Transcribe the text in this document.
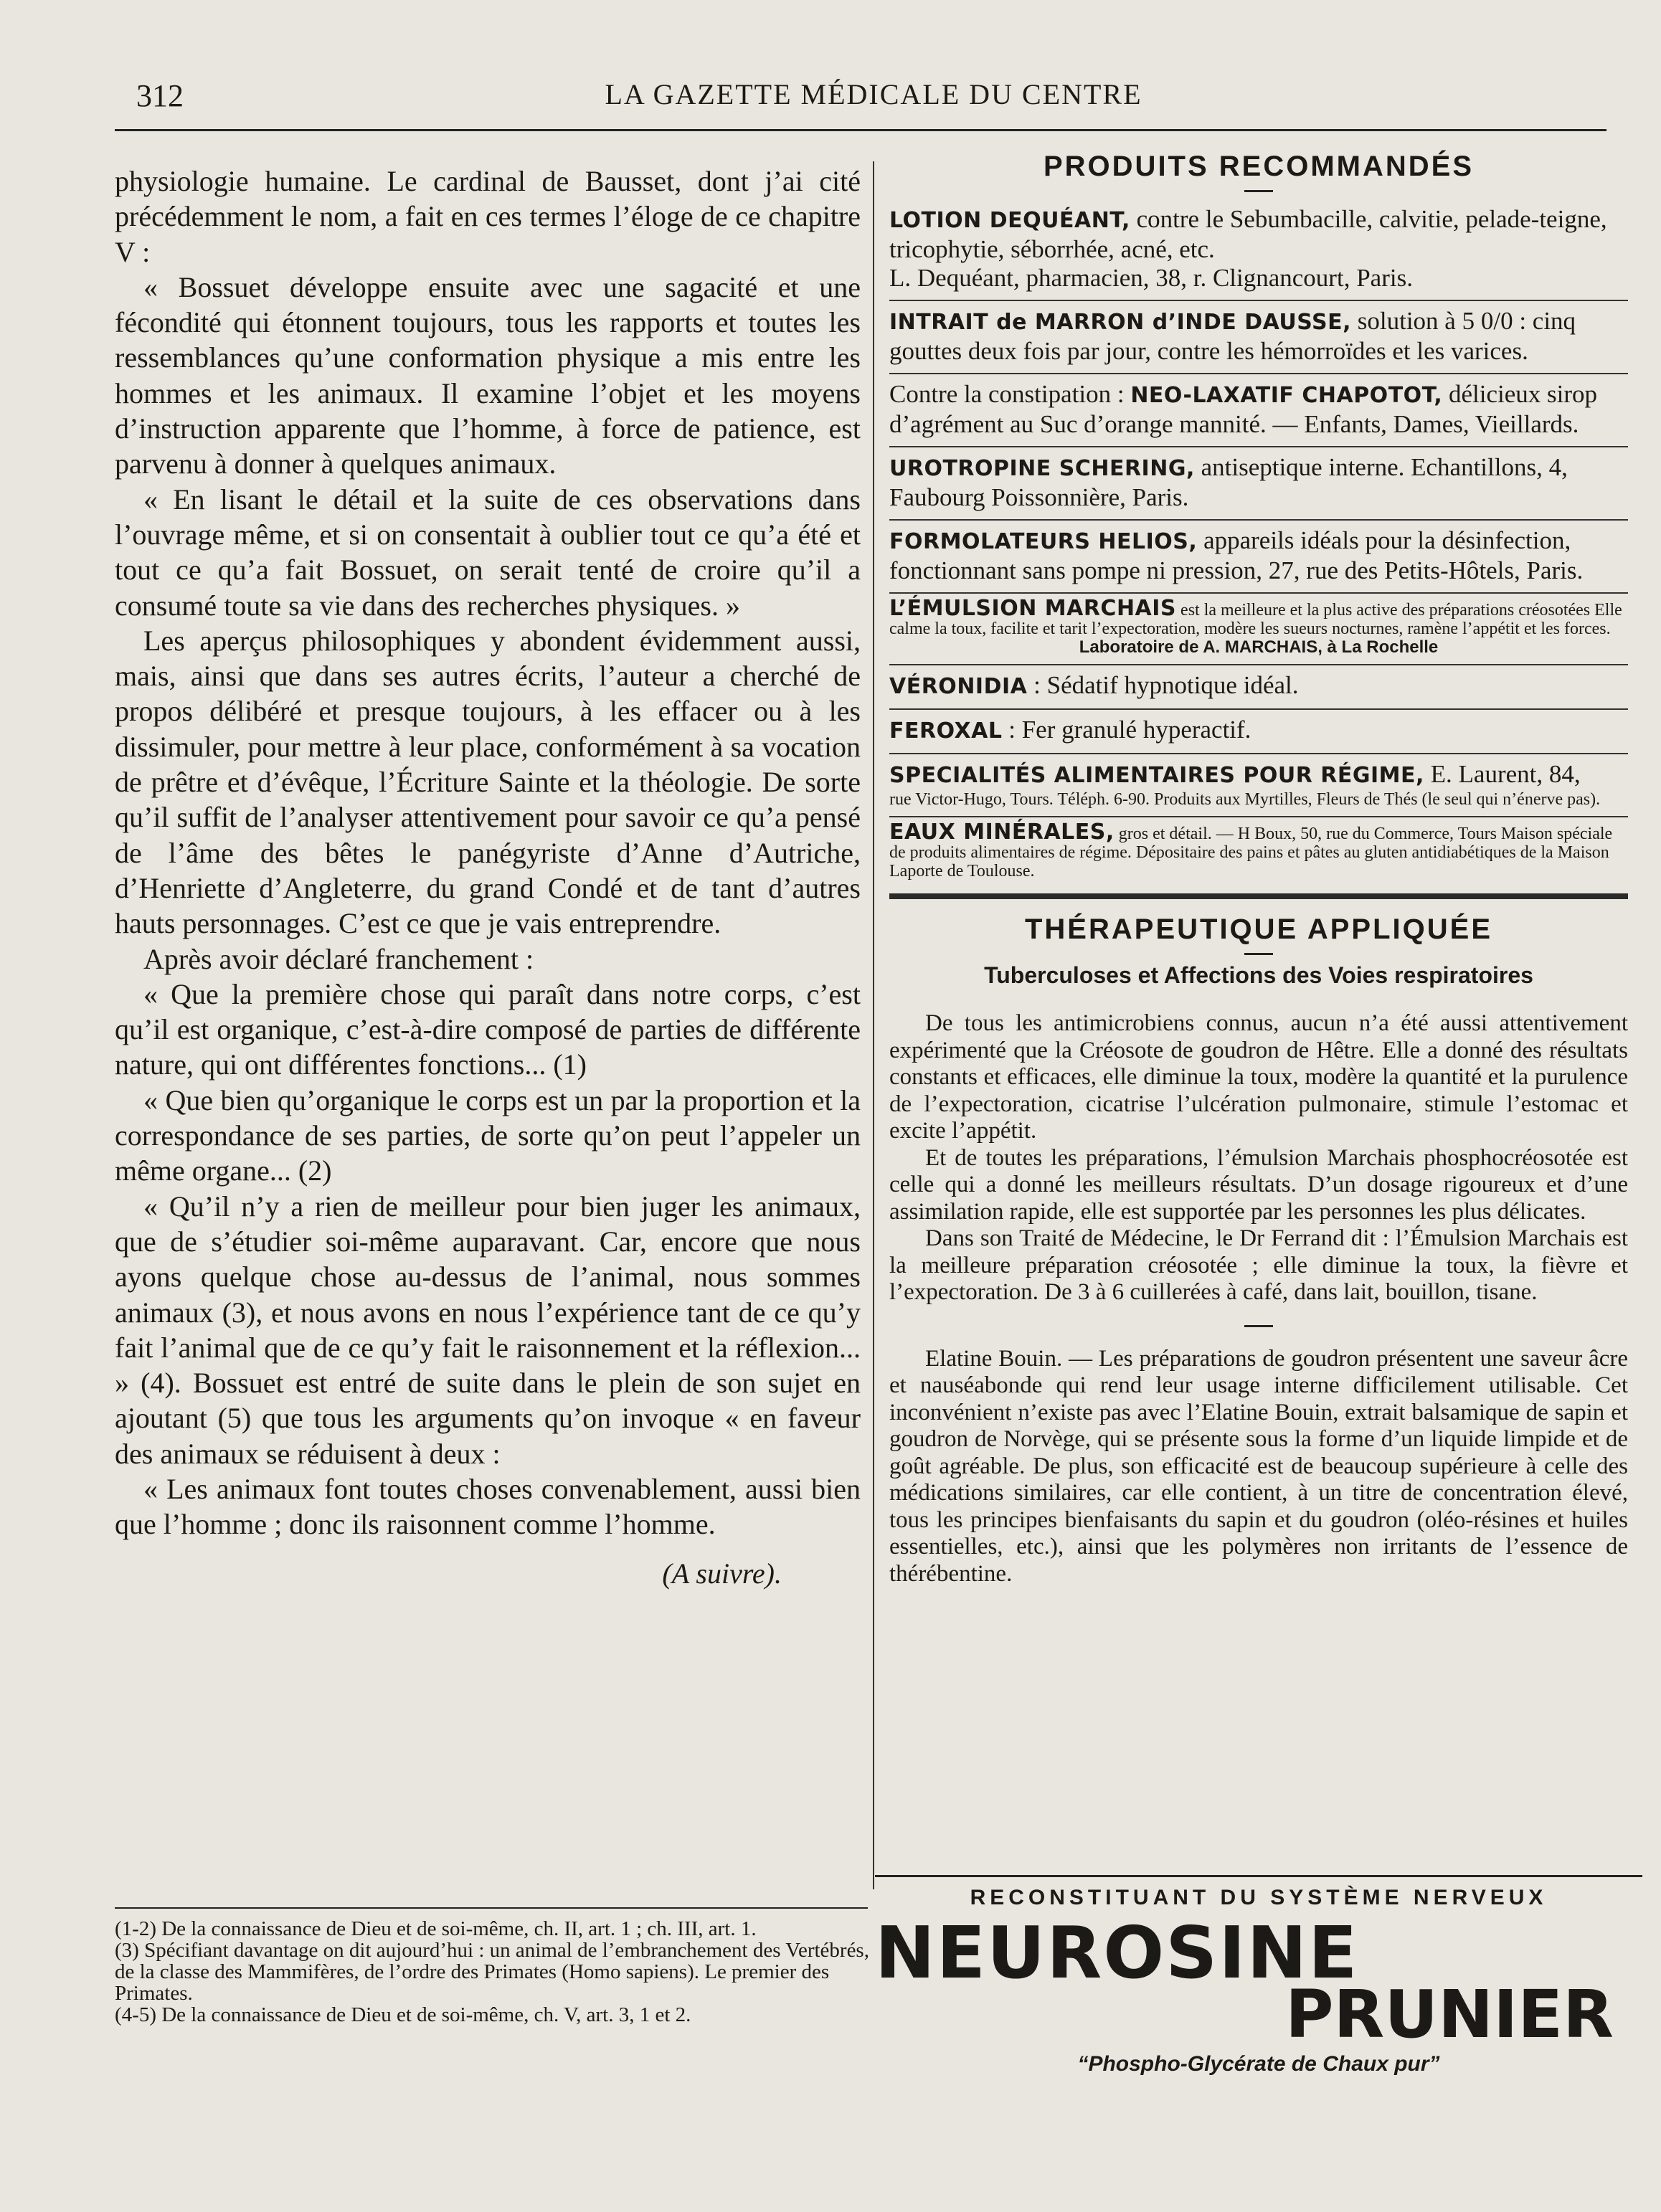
312	LA GAZETTE MÉDICALE DU CENTRE

physiologie humaine. Le cardinal de Bausset, dont j’ai cité précédemment le nom, a fait en ces termes l’éloge de ce chapitre V :

« Bossuet développe ensuite avec une sagacité et une fécondité qui étonnent toujours, tous les rapports et toutes les ressemblances qu’une conformation physique a mis entre les hommes et les animaux. Il examine l’objet et les moyens d’instruction apparente que l’homme, à force de patience, est parvenu à donner à quelques animaux.

« En lisant le détail et la suite de ces observations dans l’ouvrage même, et si on consentait à oublier tout ce qu’a été et tout ce qu’a fait Bossuet, on serait tenté de croire qu’il a consumé toute sa vie dans des recherches physiques. »

Les aperçus philosophiques y abondent évidemment aussi, mais, ainsi que dans ses autres écrits, l’auteur a cherché de propos délibéré et presque toujours, à les effacer ou à les dissimuler, pour mettre à leur place, conformément à sa vocation de prêtre et d’évêque, l’Écriture Sainte et la théologie. De sorte qu’il suffit de l’analyser attentivement pour savoir ce qu’a pensé de l’âme des bêtes le panégyriste d’Anne d’Autriche, d’Henriette d’Angleterre, du grand Condé et de tant d’autres hauts personnages. C’est ce que je vais entreprendre.

Après avoir déclaré franchement :

« Que la première chose qui paraît dans notre corps, c’est qu’il est organique, c’est-à-dire composé de parties de différente nature, qui ont différentes fonctions... (1)

« Que bien qu’organique le corps est un par la proportion et la correspondance de ses parties, de sorte qu’on peut l’appeler un même organe... (2)

« Qu’il n’y a rien de meilleur pour bien juger les animaux, que de s’étudier soi-même auparavant. Car, encore que nous ayons quelque chose au-dessus de l’animal, nous sommes animaux (3), et nous avons en nous l’expérience tant de ce qu’y fait l’animal que de ce qu’y fait le raisonnement et la réflexion... » (4). Bossuet est entré de suite dans le plein de son sujet en ajoutant (5) que tous les arguments qu’on invoque « en faveur des animaux se réduisent à deux :

« Les animaux font toutes choses convenablement, aussi bien que l’homme ; donc ils raisonnent comme l’homme.

(A suivre).
(1-2) De la connaissance de Dieu et de soi-même, ch. II, art. 1 ; ch. III, art. 1.
(3) Spécifiant davantage on dit aujourd’hui : un animal de l’embranchement des Vertébrés, de la classe des Mammifères, de l’ordre des Primates (Homo sapiens). Le premier des Primates.
(4-5) De la connaissance de Dieu et de soi-même, ch. V, art. 3, 1 et 2.
PRODUITS RECOMMANDÉS
LOTION DEQUÉANT, contre le Sebumbacille, calvitie, pelade-teigne, tricophytie, séborrhée, acné, etc.
L. Dequéant, pharmacien, 38, r. Clignancourt, Paris.
INTRAIT de MARRON d’INDE DAUSSE, solution à 5 0/0 : cinq gouttes deux fois par jour, contre les hémorroïdes et les varices.
Contre la constipation : NEO-LAXATIF CHAPOTOT, délicieux sirop d’agrément au Suc d’orange mannité. — Enfants, Dames, Vieillards.
UROTROPINE SCHERING, antiseptique interne. Echantillons, 4, Faubourg Poissonnière, Paris.
FORMOLATEURS HELIOS, appareils idéals pour la désinfection, fonctionnant sans pompe ni pression, 27, rue des Petits-Hôtels, Paris.
L’ÉMULSION MARCHAIS est la meilleure et la plus active des préparations créosotées Elle calme la toux, facilite et tarit l’expectoration, modère les sueurs nocturnes, ramène l’appétit et les forces.
Laboratoire de A. MARCHAIS, à La Rochelle
VÉRONIDIA : Sédatif hypnotique idéal.
FEROXAL : Fer granulé hyperactif.
SPECIALITÉS ALIMENTAIRES POUR RÉGIME, E. Laurent, 84,
rue Victor-Hugo, Tours. Téléph. 6-90. Produits aux Myrtilles, Fleurs de Thés (le seul qui n’énerve pas).
EAUX MINÉRALES, gros et détail. — H Boux, 50, rue du Commerce, Tours Maison spéciale de produits alimentaires de régime. Dépositaire des pains et pâtes au gluten antidiabétiques de la Maison Laporte de Toulouse.
THÉRAPEUTIQUE APPLIQUÉE
Tuberculoses et Affections des Voies respiratoires

De tous les antimicrobiens connus, aucun n’a été aussi attentivement expérimenté que la Créosote de goudron de Hêtre. Elle a donné des résultats constants et efficaces, elle diminue la toux, modère la quantité et la purulence de l’expectoration, cicatrise l’ulcération pulmonaire, stimule l’estomac et excite l’appétit.

Et de toutes les préparations, l’émulsion Marchais phosphocréosotée est celle qui a donné les meilleurs résultats. D’un dosage rigoureux et d’une assimilation rapide, elle est supportée par les personnes les plus délicates.

Dans son Traité de Médecine, le Dr Ferrand dit : l’Émulsion Marchais est la meilleure préparation créosotée ; elle diminue la toux, la fièvre et l’expectoration. De 3 à 6 cuillerées à café, dans lait, bouillon, tisane.

Elatine Bouin. — Les préparations de goudron présentent une saveur âcre et nauséabonde qui rend leur usage interne difficilement utilisable. Cet inconvénient n’existe pas avec l’Elatine Bouin, extrait balsamique de sapin et goudron de Norvège, qui se présente sous la forme d’un liquide limpide et de goût agréable. De plus, son efficacité est de beaucoup supérieure à celle des médications similaires, car elle contient, à un titre de concentration élevé, tous les principes bienfaisants du sapin et du goudron (oléo-résines et huiles essentielles, etc.), ainsi que les polymères non irritants de l’essence de thérébentine.

RECONSTITUANT DU SYSTÈME NERVEUX
NEUROSINE
PRUNIER
“Phospho-Glycérate de Chaux pur”
